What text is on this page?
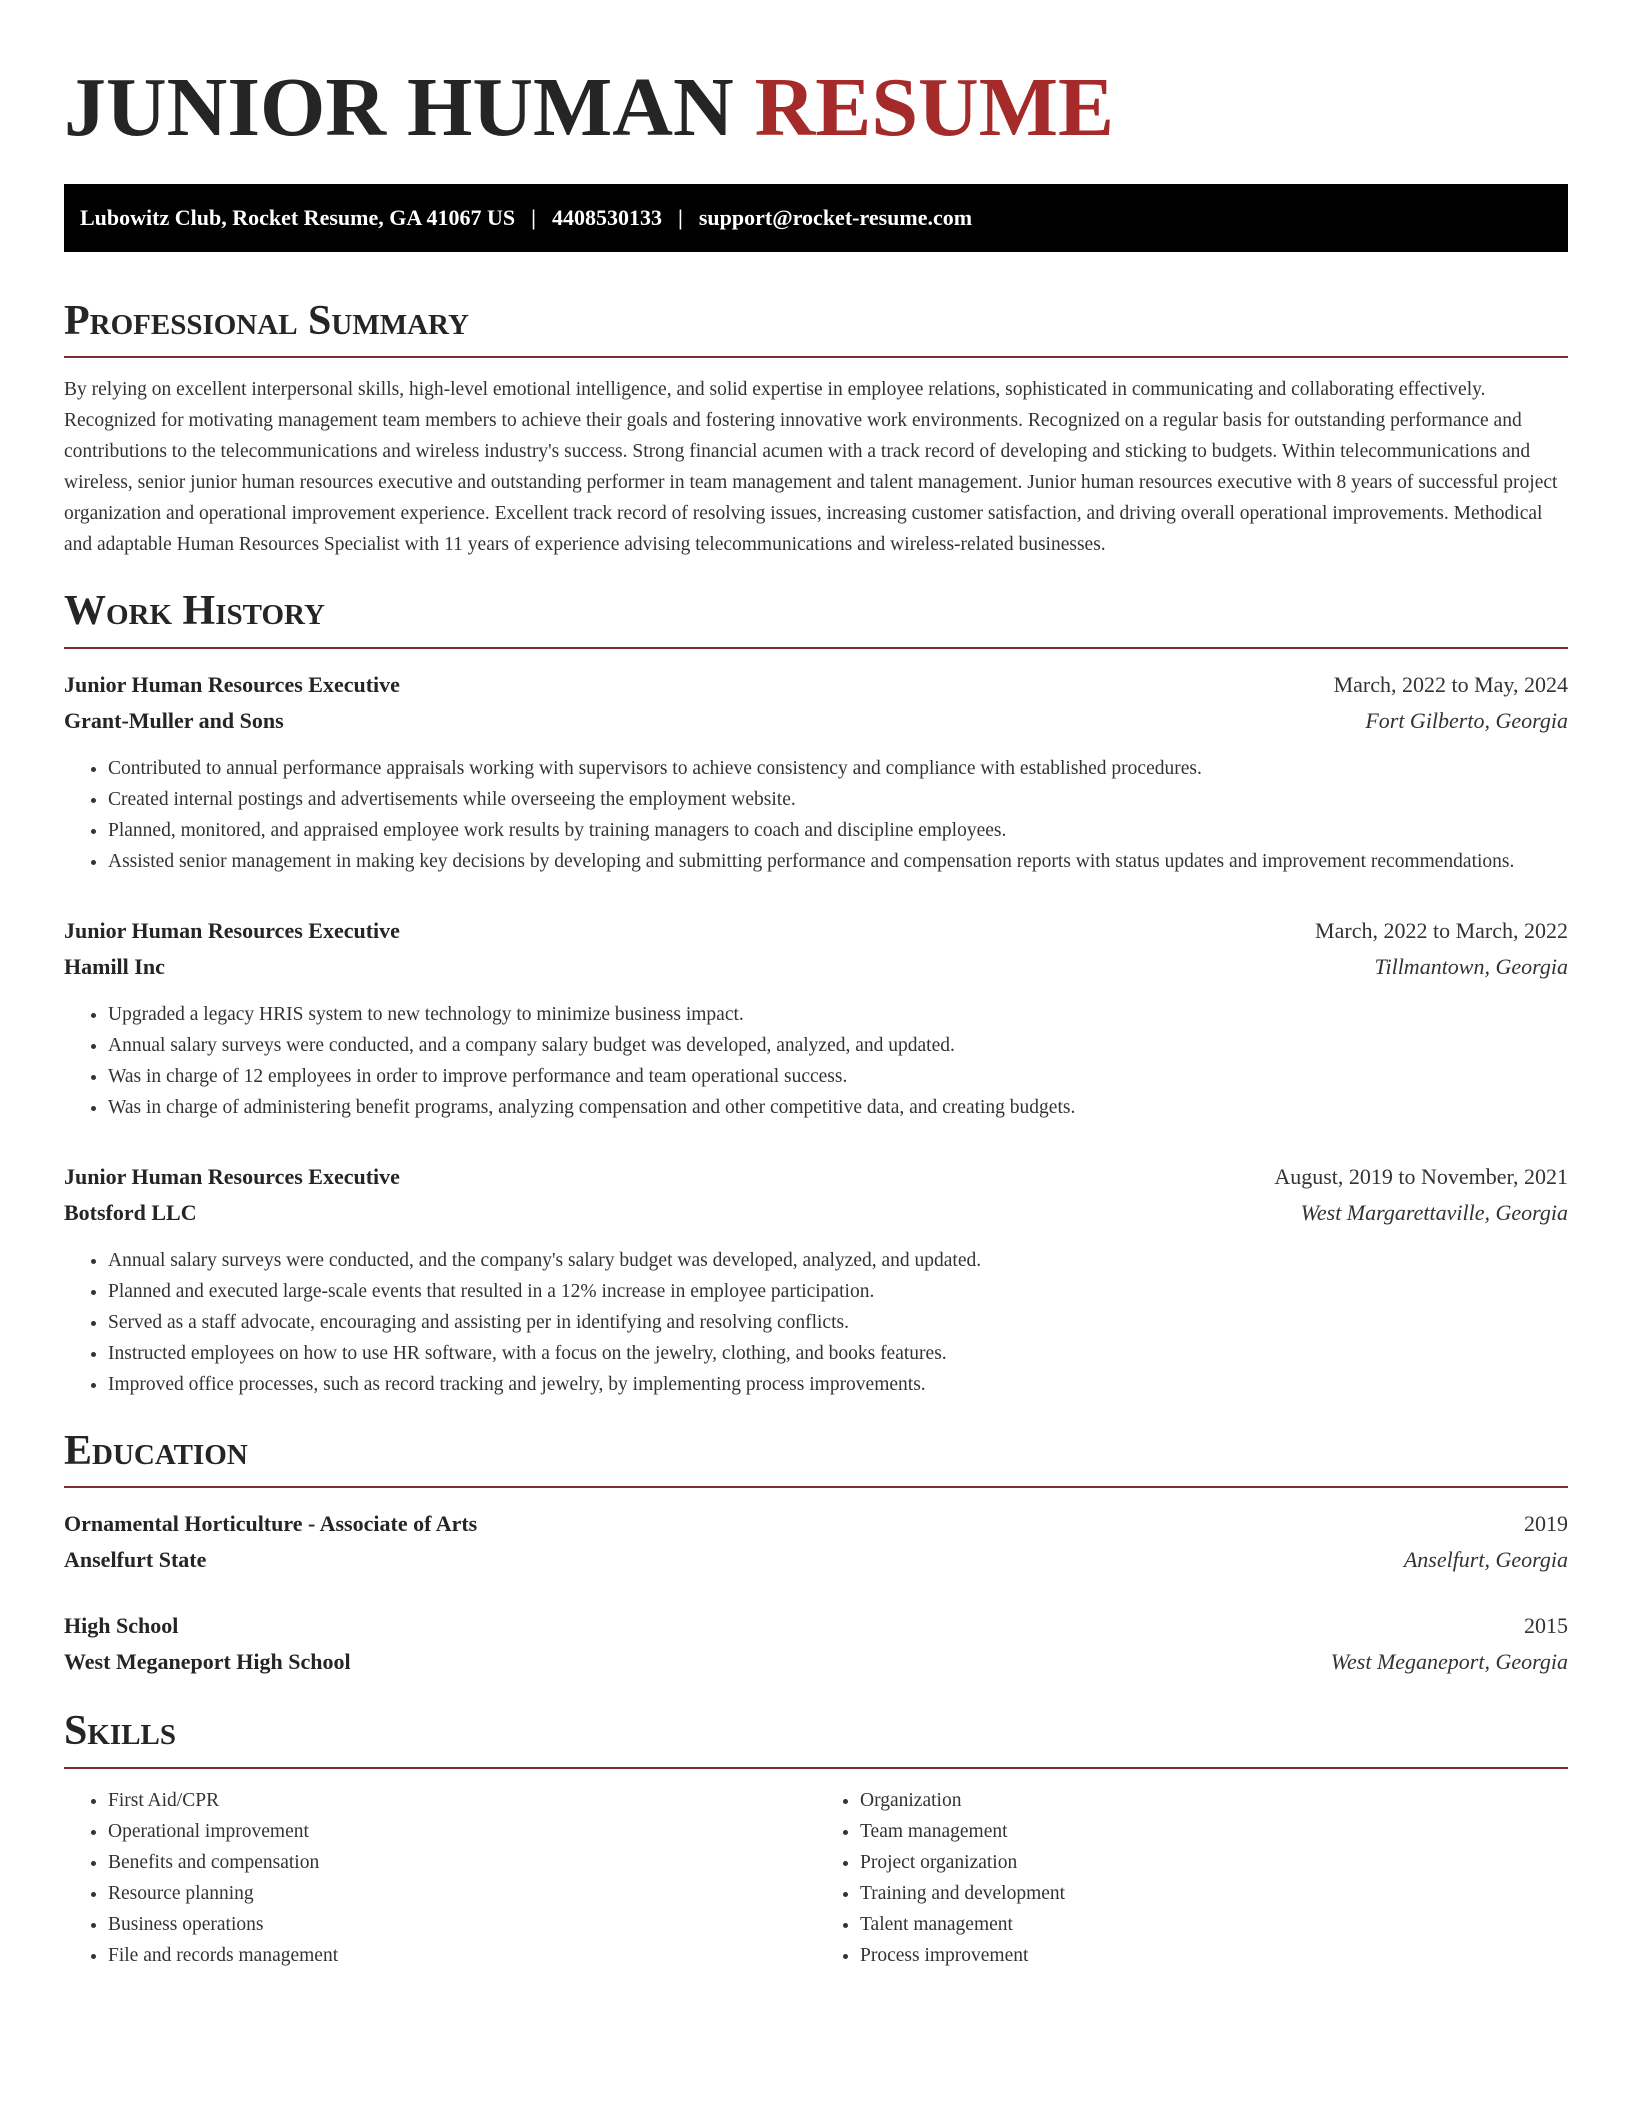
JUNIOR HUMAN RESUME
Lubowitz Club, Rocket Resume, GA 41067 US | 4408530133 | support@rocket-resume.com
Professional Summary

By relying on excellent interpersonal skills, high-level emotional intelligence, and solid expertise in employee relations, sophisticated in communicating and collaborating effectively. Recognized for motivating management team members to achieve their goals and fostering innovative work environments. Recognized on a regular basis for outstanding performance and contributions to the telecommunications and wireless industry's success. Strong financial acumen with a track record of developing and sticking to budgets. Within telecommunications and wireless, senior junior human resources executive and outstanding performer in team management and talent management. Junior human resources executive with 8 years of successful project organization and operational improvement experience. Excellent track record of resolving issues, increasing customer satisfaction, and driving overall operational improvements. Methodical and adaptable Human Resources Specialist with 11 years of experience advising telecommunications and wireless-related businesses.

Work History
Junior Human Resources Executive	March, 2022 to May, 2024
Grant-Muller and Sons	Fort Gilberto, Georgia
• Contributed to annual performance appraisals working with supervisors to achieve consistency and compliance with established procedures.
• Created internal postings and advertisements while overseeing the employment website.
• Planned, monitored, and appraised employee work results by training managers to coach and discipline employees.
• Assisted senior management in making key decisions by developing and submitting performance and compensation reports with status updates and improvement recommendations.
Junior Human Resources Executive	March, 2022 to March, 2022
Hamill Inc	Tillmantown, Georgia
• Upgraded a legacy HRIS system to new technology to minimize business impact.
• Annual salary surveys were conducted, and a company salary budget was developed, analyzed, and updated.
• Was in charge of 12 employees in order to improve performance and team operational success.
• Was in charge of administering benefit programs, analyzing compensation and other competitive data, and creating budgets.
Junior Human Resources Executive	August, 2019 to November, 2021
Botsford LLC	West Margarettaville, Georgia
• Annual salary surveys were conducted, and the company's salary budget was developed, analyzed, and updated.
• Planned and executed large-scale events that resulted in a 12% increase in employee participation.
• Served as a staff advocate, encouraging and assisting per in identifying and resolving conflicts.
• Instructed employees on how to use HR software, with a focus on the jewelry, clothing, and books features.
• Improved office processes, such as record tracking and jewelry, by implementing process improvements.
Education
Ornamental Horticulture - Associate of Arts	2019
Anselfurt State	Anselfurt, Georgia
High School	2015
West Meganeport High School	West Meganeport, Georgia
Skills
• First Aid/CPR
• Operational improvement
• Benefits and compensation
• Resource planning
• Business operations
• File and records management
• Organization
• Team management
• Project organization
• Training and development
• Talent management
• Process improvement
